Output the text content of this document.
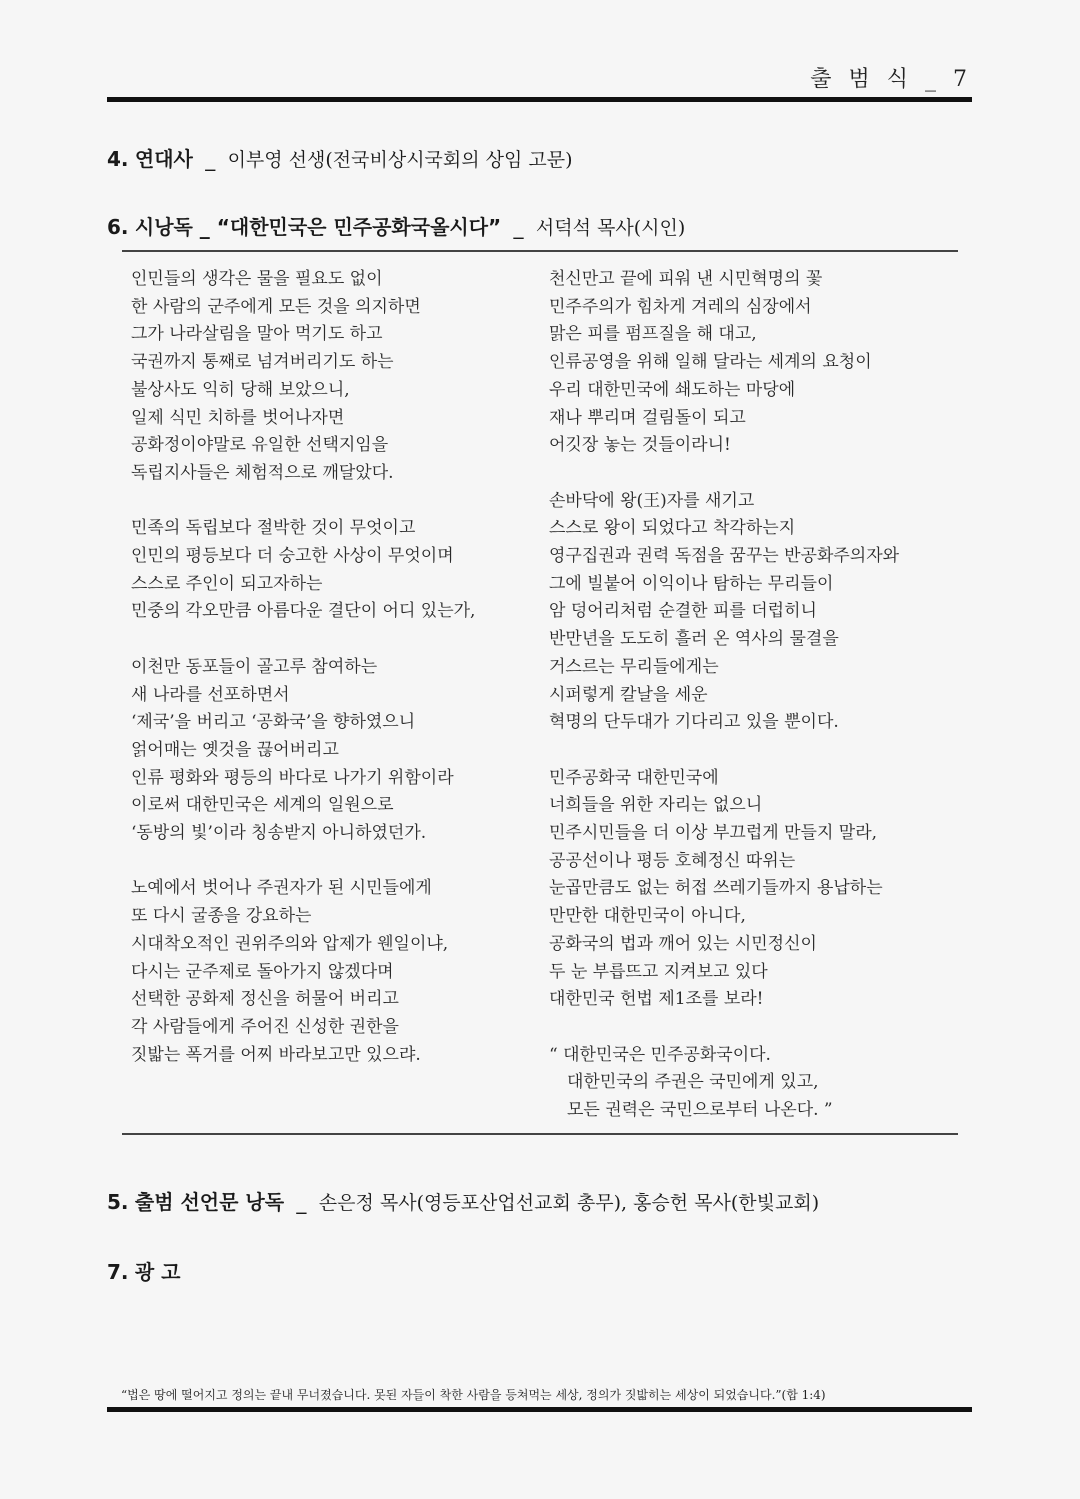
출 범 식 _ 7
4. 연대사 _ 이부영 선생(전국비상시국회의 상임 고문)
6. 시낭독 _ “대한민국은 민주공화국올시다” _ 서덕석 목사(시인)
인민들의 생각은 물을 필요도 없이
한 사람의 군주에게 모든 것을 의지하면
그가 나라살림을 말아 먹기도 하고
국권까지 통째로 넘겨버리기도 하는
불상사도 익히 당해 보았으니,
일제 식민 치하를 벗어나자면
공화정이야말로 유일한 선택지임을
독립지사들은 체험적으로 깨달았다.
민족의 독립보다 절박한 것이 무엇이고
인민의 평등보다 더 숭고한 사상이 무엇이며
스스로 주인이 되고자하는
민중의 각오만큼 아름다운 결단이 어디 있는가,
이천만 동포들이 골고루 참여하는
새 나라를 선포하면서
‘제국’을 버리고 ‘공화국’을 향하였으니
얽어매는 옛것을 끊어버리고
인류 평화와 평등의 바다로 나가기 위함이라
이로써 대한민국은 세계의 일원으로
‘동방의 빛’이라 칭송받지 아니하였던가.
노예에서 벗어나 주권자가 된 시민들에게
또 다시 굴종을 강요하는
시대착오적인 권위주의와 압제가 웬일이냐,
다시는 군주제로 돌아가지 않겠다며
선택한 공화제 정신을 허물어 버리고
각 사람들에게 주어진 신성한 권한을
짓밟는 폭거를 어찌 바라보고만 있으랴.
천신만고 끝에 피워 낸 시민혁명의 꽃
민주주의가 힘차게 겨레의 심장에서
맑은 피를 펌프질을 해 대고,
인류공영을 위해 일해 달라는 세계의 요청이
우리 대한민국에 쇄도하는 마당에
재나 뿌리며 걸림돌이 되고
어깃장 놓는 것들이라니!
손바닥에 왕(王)자를 새기고
스스로 왕이 되었다고 착각하는지
영구집권과 권력 독점을 꿈꾸는 반공화주의자와
그에 빌붙어 이익이나 탐하는 무리들이
암 덩어리처럼 순결한 피를 더럽히니
반만년을 도도히 흘러 온 역사의 물결을
거스르는 무리들에게는
시퍼렇게 칼날을 세운
혁명의 단두대가 기다리고 있을 뿐이다.
민주공화국 대한민국에
너희들을 위한 자리는 없으니
민주시민들을 더 이상 부끄럽게 만들지 말라,
공공선이나 평등 호혜정신 따위는
눈곱만큼도 없는 허접 쓰레기들까지 용납하는
만만한 대한민국이 아니다,
공화국의 법과 깨어 있는 시민정신이
두 눈 부릅뜨고 지켜보고 있다
대한민국 헌법 제1조를 보라!
“ 대한민국은 민주공화국이다.
대한민국의 주권은 국민에게 있고,
모든 권력은 국민으로부터 나온다. ”
5. 출범 선언문 낭독 _ 손은정 목사(영등포산업선교회 총무), 홍승헌 목사(한빛교회)
7. 광 고
“법은 땅에 떨어지고 정의는 끝내 무너졌습니다. 못된 자들이 착한 사람을 등쳐먹는 세상, 정의가 짓밟히는 세상이 되었습니다.”(합 1:4)
